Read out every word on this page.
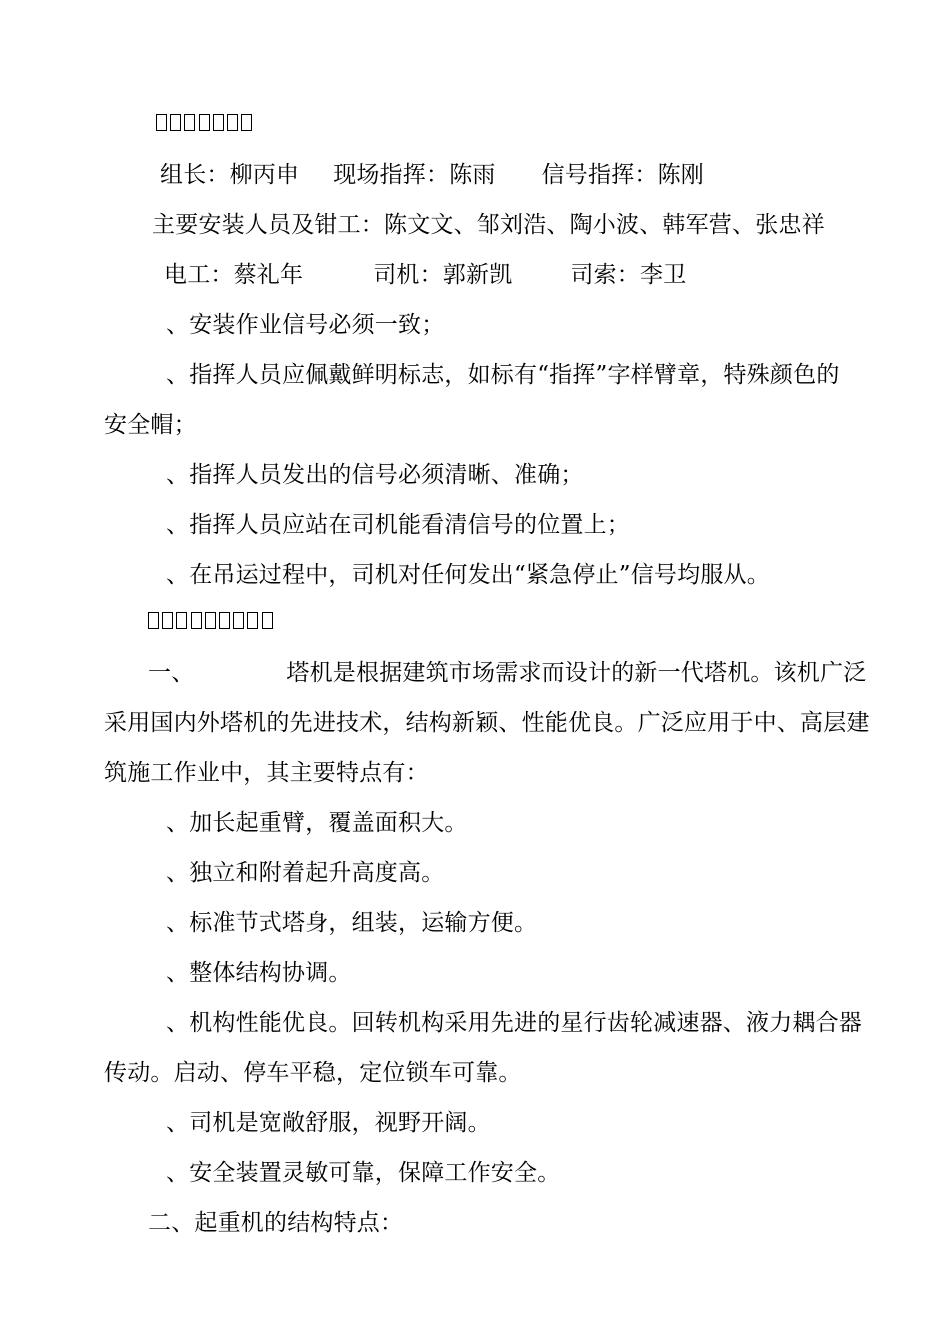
组长：柳丙申 现场指挥：陈雨 信号指挥：陈刚
主要安装人员及钳工：陈文文、邹刘浩、陶小波、韩军营、张忠祥
电工：蔡礼年	司机：郭新凯	司索：李卫
、安装作业信号必须一致；
、指挥人员应佩戴鲜明标志，如标有“指挥”字样臂章，特殊颜色的
安全帽；
、指挥人员发出的信号必须清晰、准确；
、指挥人员应站在司机能看清信号的位置上；
、在吊运过程中，司机对任何发出“紧急停止”信号均服从。
一、	塔机是根据建筑市场需求而设计的新一代塔机。该机广泛
采用国内外塔机的先进技术，结构新颖、性能优良。广泛应用于中、高层建
筑施工作业中，其主要特点有：
、加长起重臂，覆盖面积大。
、独立和附着起升高度高。
、标准节式塔身，组装，运输方便。
、整体结构协调。
、机构性能优良。回转机构采用先进的星行齿轮减速器、液力耦合器
传动。启动、停车平稳，定位锁车可靠。
、司机是宽敞舒服，视野开阔。
、安全装置灵敏可靠，保障工作安全。
二、起重机的结构特点：
